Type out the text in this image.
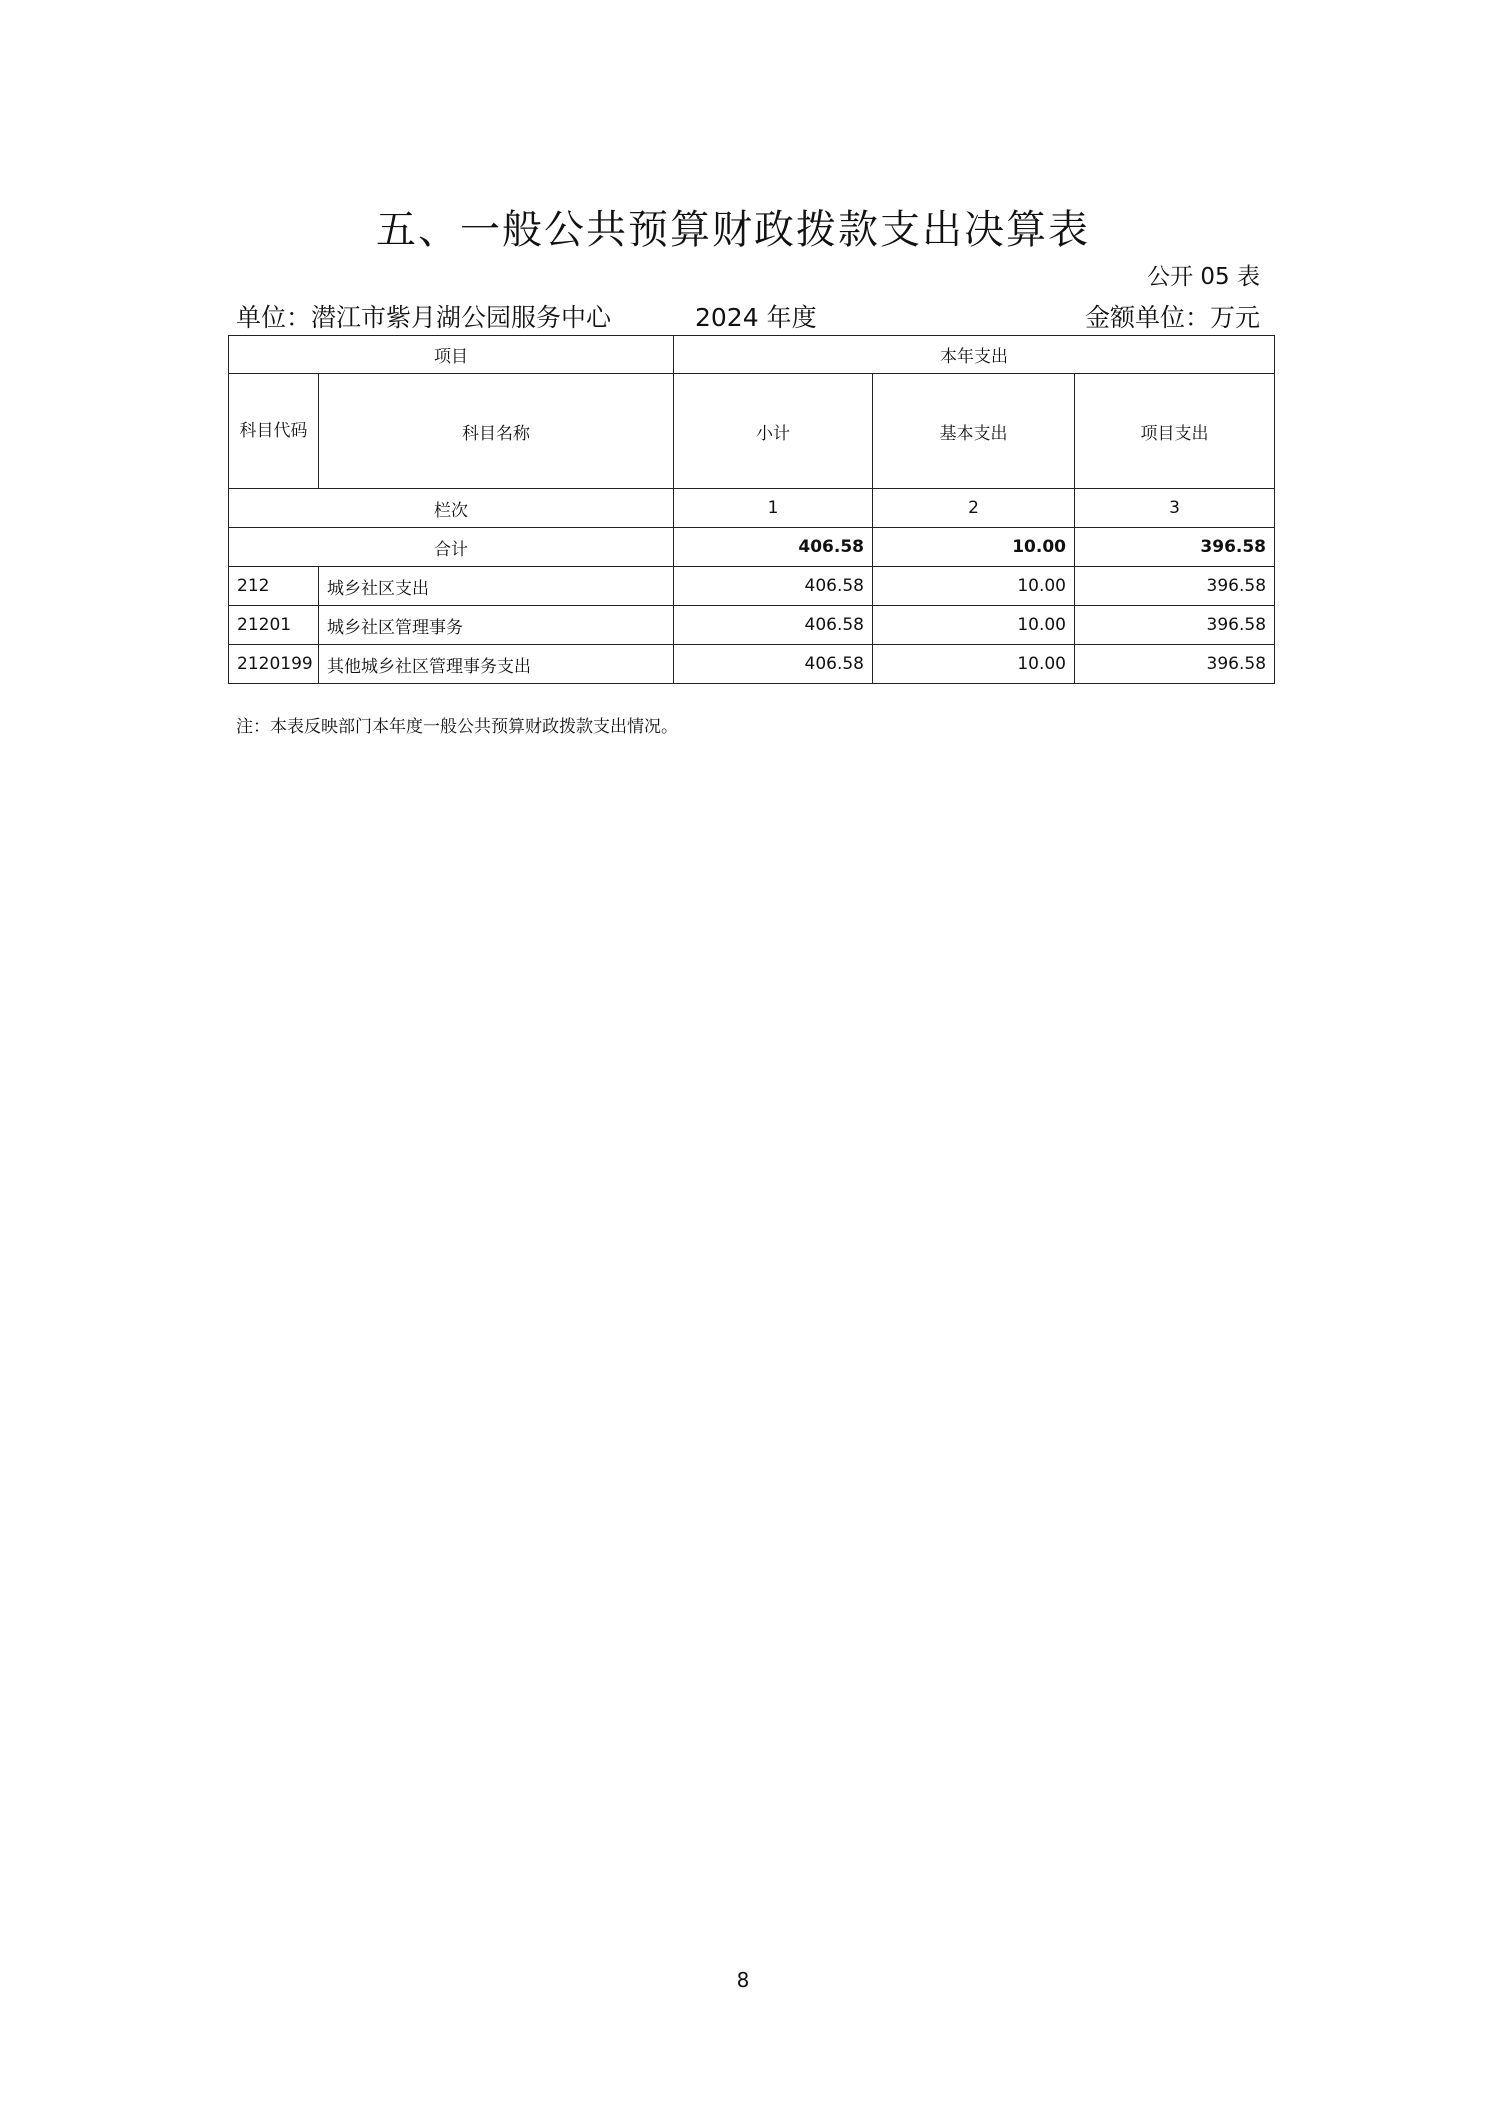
五、一般公共预算财政拨款支出决算表
公开 05 表
单位：潜江市紫月湖公园服务中心	2024 年度	金额单位：万元
项目		本年支出		
科目代码	科目名称	小计	基本支出	项目支出
栏次		1	2	3
合计		406.58	10.00	396.58
212	城乡社区支出	406.58	10.00	396.58
21201	城乡社区管理事务	406.58	10.00	396.58
2120199	其他城乡社区管理事务支出	406.58	10.00	396.58
注：本表反映部门本年度一般公共预算财政拨款支出情况。
8
